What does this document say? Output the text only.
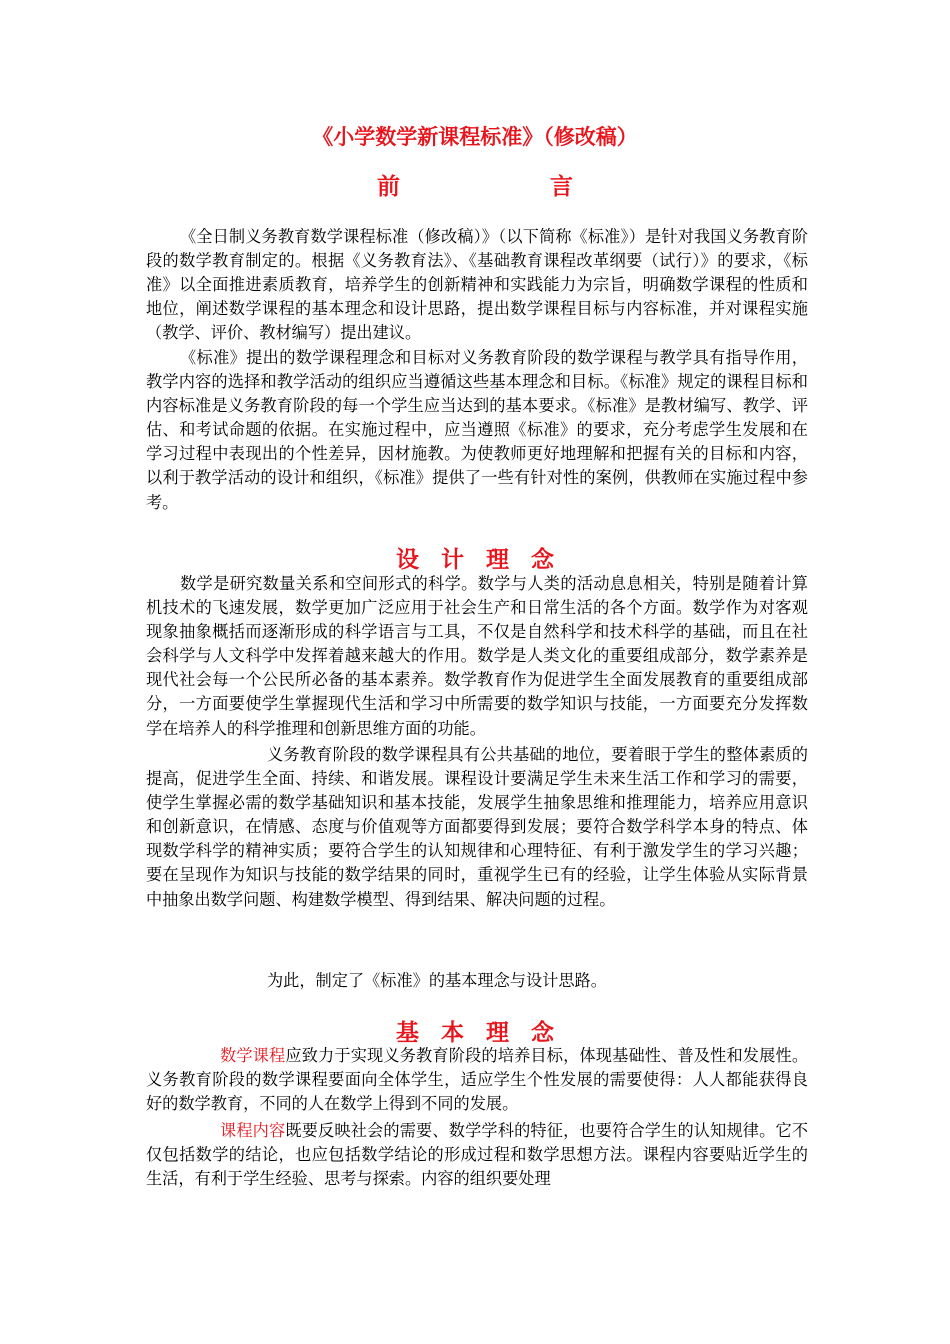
《小学数学新课程标准》（修改稿）
前	言

《全日制义务教育数学课程标准（修改稿）》（以下简称《标准》）是针对我国义务教育阶段的数学教育制定的。根据《义务教育法》、《基础教育课程改革纲要（试行）》的要求，《标准》以全面推进素质教育，培养学生的创新精神和实践能力为宗旨，明确数学课程的性质和地位，阐述数学课程的基本理念和设计思路，提出数学课程目标与内容标准，并对课程实施（教学、评价、教材编写）提出建议。

《标准》提出的数学课程理念和目标对义务教育阶段的数学课程与教学具有指导作用，教学内容的选择和教学活动的组织应当遵循这些基本理念和目标。《标准》规定的课程目标和内容标准是义务教育阶段的每一个学生应当达到的基本要求。《标准》是教材编写、教学、评估、和考试命题的依据。在实施过程中，应当遵照《标准》的要求，充分考虑学生发展和在学习过程中表现出的个性差异，因材施教。为使教师更好地理解和把握有关的目标和内容，以利于教学活动的设计和组织，《标准》提供了一些有针对性的案例，供教师在实施过程中参考。

设 计 理 念

数学是研究数量关系和空间形式的科学。数学与人类的活动息息相关，特别是随着计算机技术的飞速发展，数学更加广泛应用于社会生产和日常生活的各个方面。数学作为对客观现象抽象概括而逐渐形成的科学语言与工具，不仅是自然科学和技术科学的基础，而且在社会科学与人文科学中发挥着越来越大的作用。数学是人类文化的重要组成部分，数学素养是现代社会每一个公民所必备的基本素养。数学教育作为促进学生全面发展教育的重要组成部分，一方面要使学生掌握现代生活和学习中所需要的数学知识与技能，一方面要充分发挥数学在培养人的科学推理和创新思维方面的功能。

义务教育阶段的数学课程具有公共基础的地位，要着眼于学生的整体素质的提高，促进学生全面、持续、和谐发展。课程设计要满足学生未来生活工作和学习的需要，使学生掌握必需的数学基础知识和基本技能，发展学生抽象思维和推理能力，培养应用意识和创新意识，在情感、态度与价值观等方面都要得到发展；要符合数学科学本身的特点、体现数学科学的精神实质；要符合学生的认知规律和心理特征、有利于激发学生的学习兴趣；要在呈现作为知识与技能的数学结果的同时，重视学生已有的经验，让学生体验从实际背景中抽象出数学问题、构建数学模型、得到结果、解决问题的过程。

为此，制定了《标准》的基本理念与设计思路。

基 本 理 念

数学课程应致力于实现义务教育阶段的培养目标，体现基础性、普及性和发展性。义务教育阶段的数学课程要面向全体学生，适应学生个性发展的需要使得：人人都能获得良好的数学教育，不同的人在数学上得到不同的发展。

课程内容既要反映社会的需要、数学学科的特征，也要符合学生的认知规律。它不仅包括数学的结论，也应包括数学结论的形成过程和数学思想方法。课程内容要贴近学生的生活，有利于学生经验、思考与探索。内容的组织要处理
